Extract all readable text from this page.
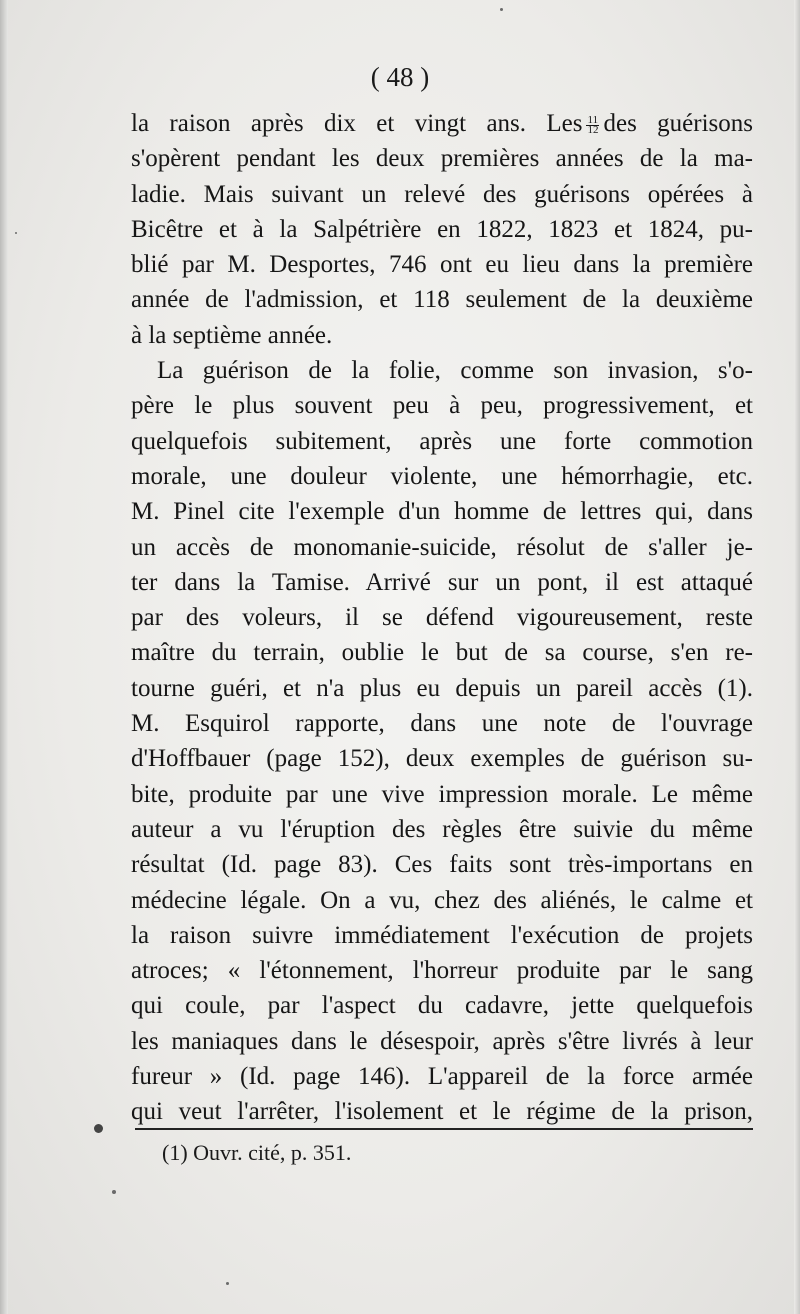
( 48 )
la raison après dix et vingt ans. Les $\frac{11}{12}$ des guérisons
s'opèrent pendant les deux premières années de la ma-
ladie. Mais suivant un relevé des guérisons opérées à
Bicêtre et à la Salpétrière en 1822, 1823 et 1824, pu-
blié par M. Desportes, 746 ont eu lieu dans la première
année de l'admission, et 118 seulement de la deuxième
à la septième année.
La guérison de la folie, comme son invasion, s'o-
père le plus souvent peu à peu, progressivement, et
quelquefois subitement, après une forte commotion
morale, une douleur violente, une hémorrhagie, etc.
M. Pinel cite l'exemple d'un homme de lettres qui, dans
un accès de monomanie-suicide, résolut de s'aller je-
ter dans la Tamise. Arrivé sur un pont, il est attaqué
par des voleurs, il se défend vigoureusement, reste
maître du terrain, oublie le but de sa course, s'en re-
tourne guéri, et n'a plus eu depuis un pareil accès (1).
M. Esquirol rapporte, dans une note de l'ouvrage
d'Hoffbauer (page 152), deux exemples de guérison su-
bite, produite par une vive impression morale. Le même
auteur a vu l'éruption des règles être suivie du même
résultat (Id. page 83). Ces faits sont très-importans en
médecine légale. On a vu, chez des aliénés, le calme et
la raison suivre immédiatement l'exécution de projets
atroces; « l'étonnement, l'horreur produite par le sang
qui coule, par l'aspect du cadavre, jette quelquefois
les maniaques dans le désespoir, après s'être livrés à leur
fureur » (Id. page 146). L'appareil de la force armée
qui veut l'arrêter, l'isolement et le régime de la prison,
(1) Ouvr. cité, p. 351.
